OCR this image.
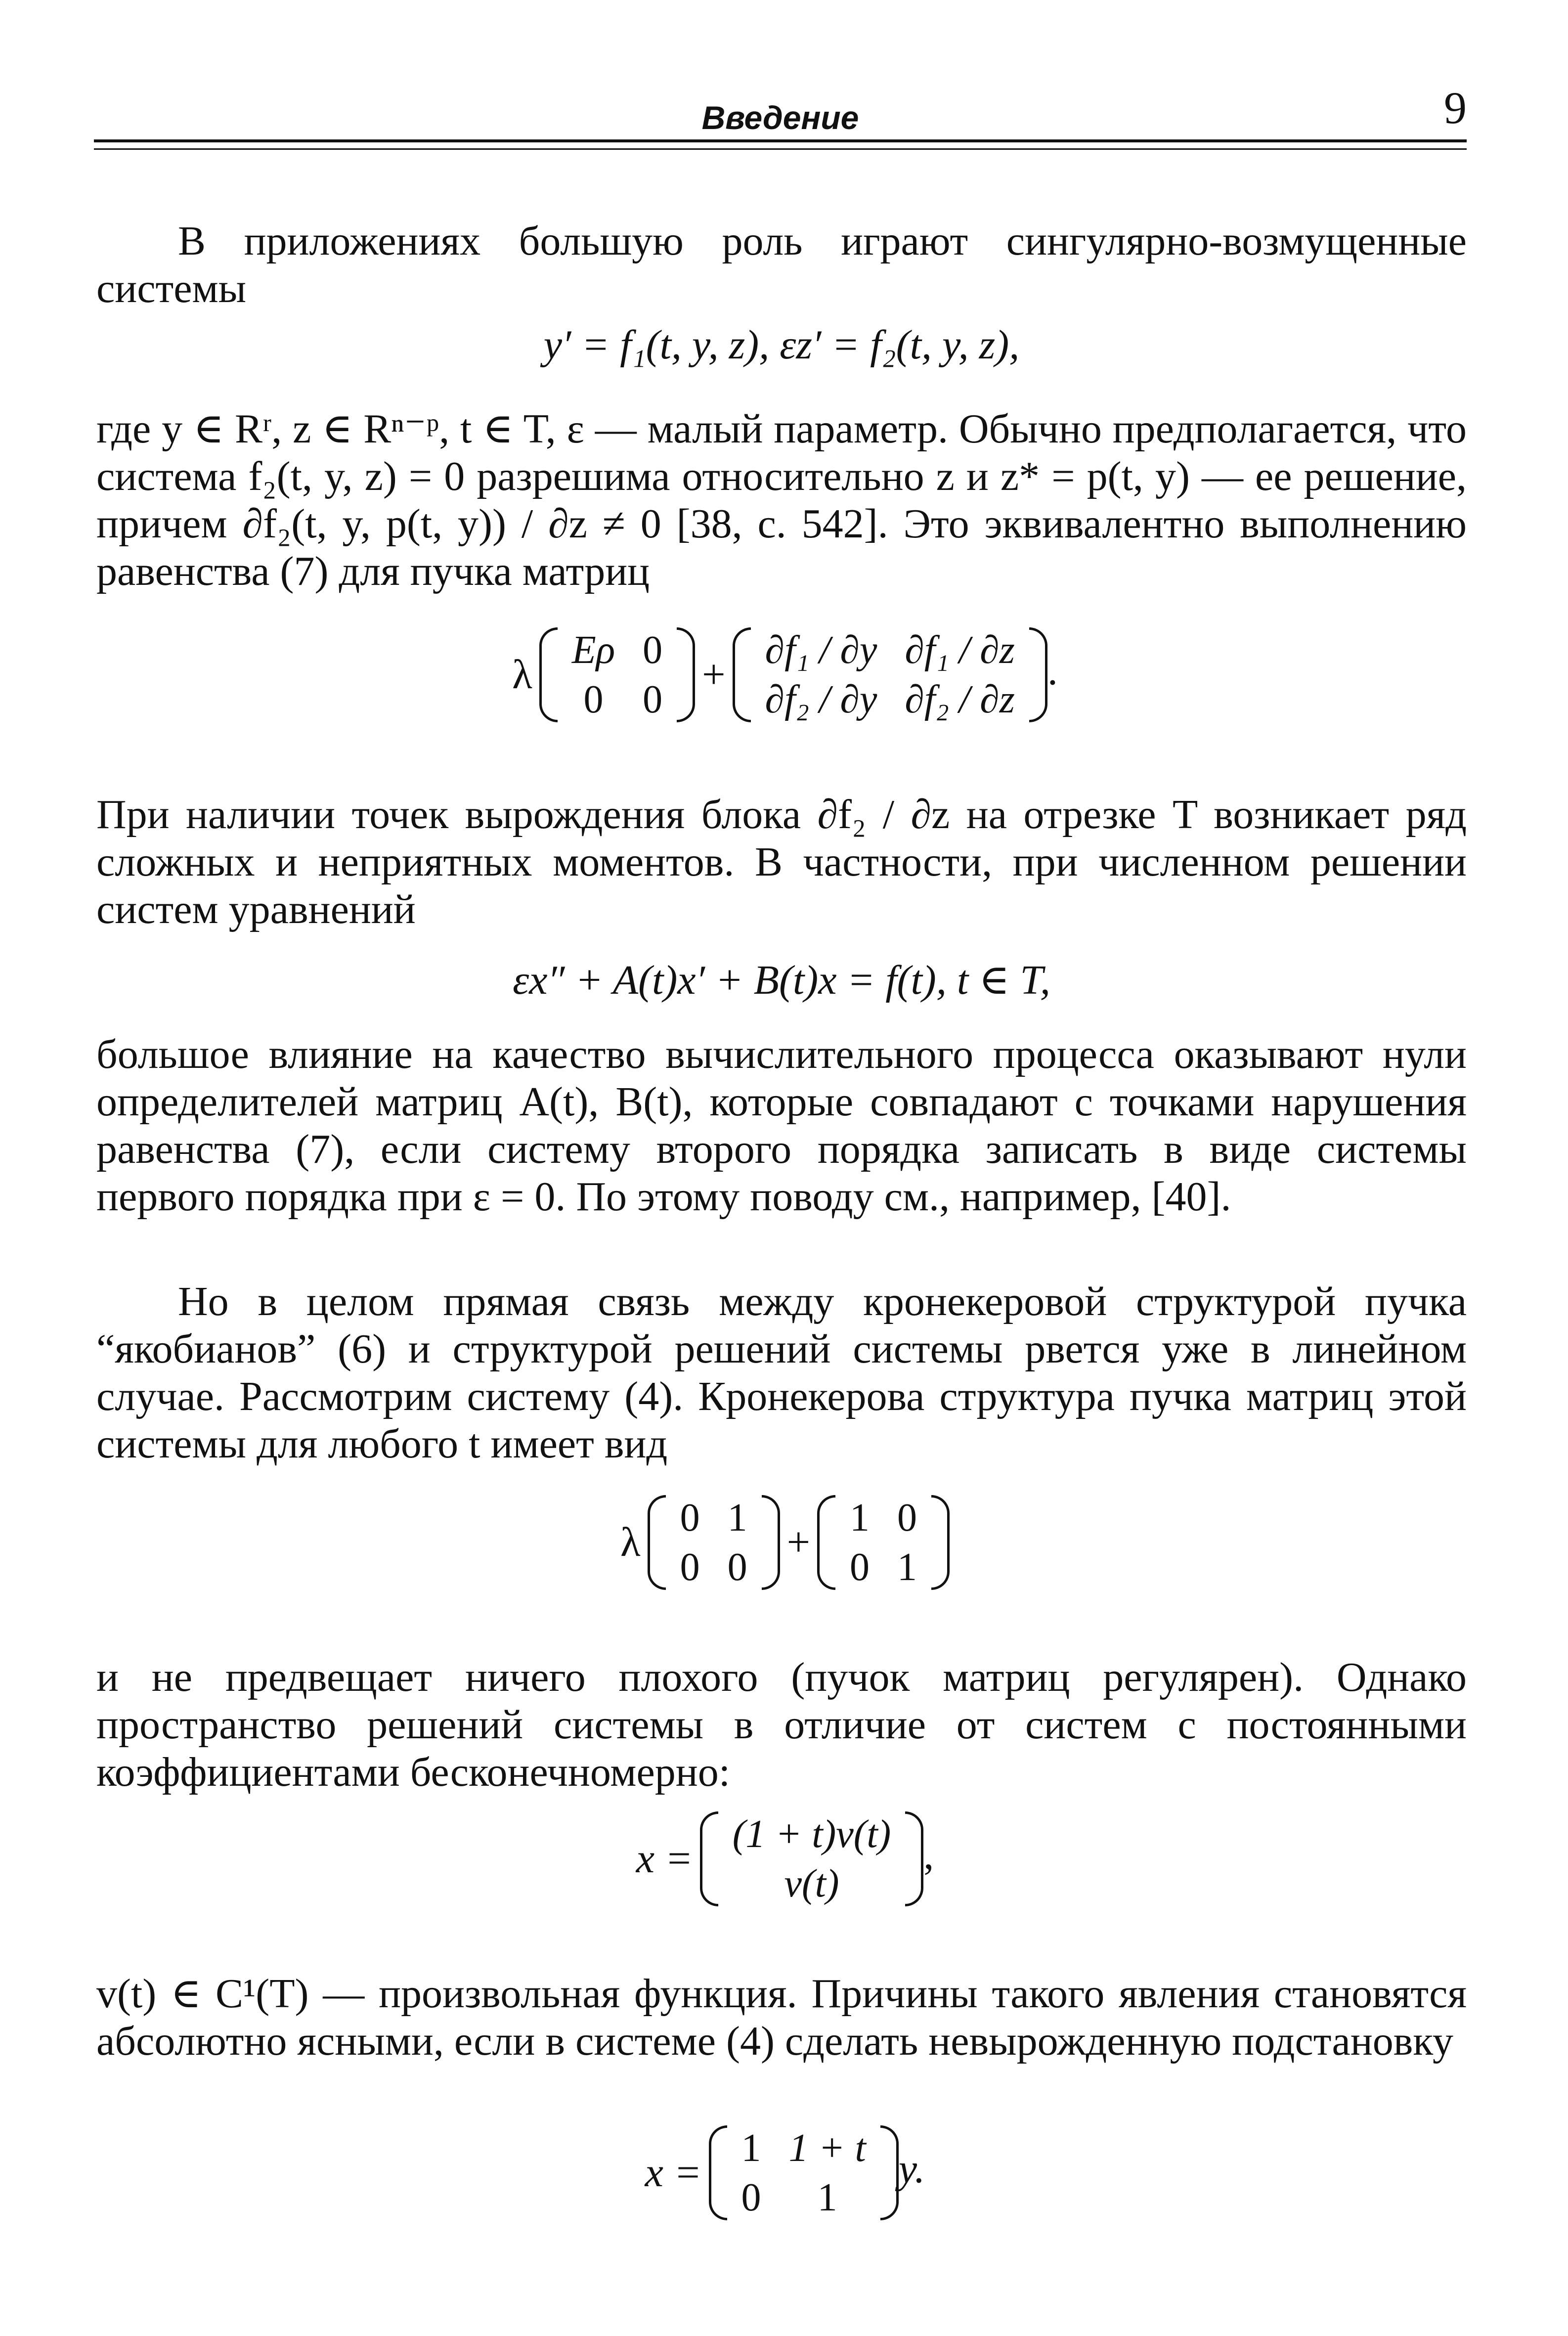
Введение	9

В приложениях большую роль играют сингулярно-возмущенные системы

y′ = f₁(t, y, z), εz′ = f₂(t, y, z),

где y ∈ Rʳ, z ∈ Rⁿ⁻ᵖ, t ∈ T, ε — малый параметр. Обычно предполагается, что система f₂(t, y, z) = 0 разрешима относительно z и z* = p(t, y) — ее решение, причем ∂f₂(t, y, p(t, y)) / ∂z ≠ 0 [38, с. 542]. Это эквивалентно выполнению равенства (7) для пучка матриц

λ
Eρ	0
0	0
+
∂f₁ / ∂y	∂f₁ / ∂z
∂f₂ / ∂y	∂f₂ / ∂z
.

При наличии точек вырождения блока ∂f₂ / ∂z на отрезке T возникает ряд сложных и неприятных моментов. В частности, при численном решении систем уравнений

εx″ + A(t)x′ + B(t)x = f(t), t ∈ T,

большое влияние на качество вычислительного процесса оказывают нули определителей матриц A(t), B(t), которые совпадают с точками нарушения равенства (7), если систему второго порядка записать в виде системы первого порядка при ε = 0. По этому поводу см., например, [40].

Но в целом прямая связь между кронекеровой структурой пучка “якобианов” (6) и структурой решений системы рвется уже в линейном случае. Рассмотрим систему (4). Кронекерова структура пучка матриц этой системы для любого t имеет вид

λ
0	1
0	0
+
1	0
0	1

и не предвещает ничего плохого (пучок матриц регулярен). Однако пространство решений системы в отличие от систем с постоянными коэффициентами бесконечномерно:

x =
(1 + t)v(t)
v(t)
,

v(t) ∈ C¹(T) — произвольная функция. Причины такого явления становятся абсолютно ясными, если в системе (4) сделать невырожденную подстановку

x =
1	1 + t
0	1
y.
